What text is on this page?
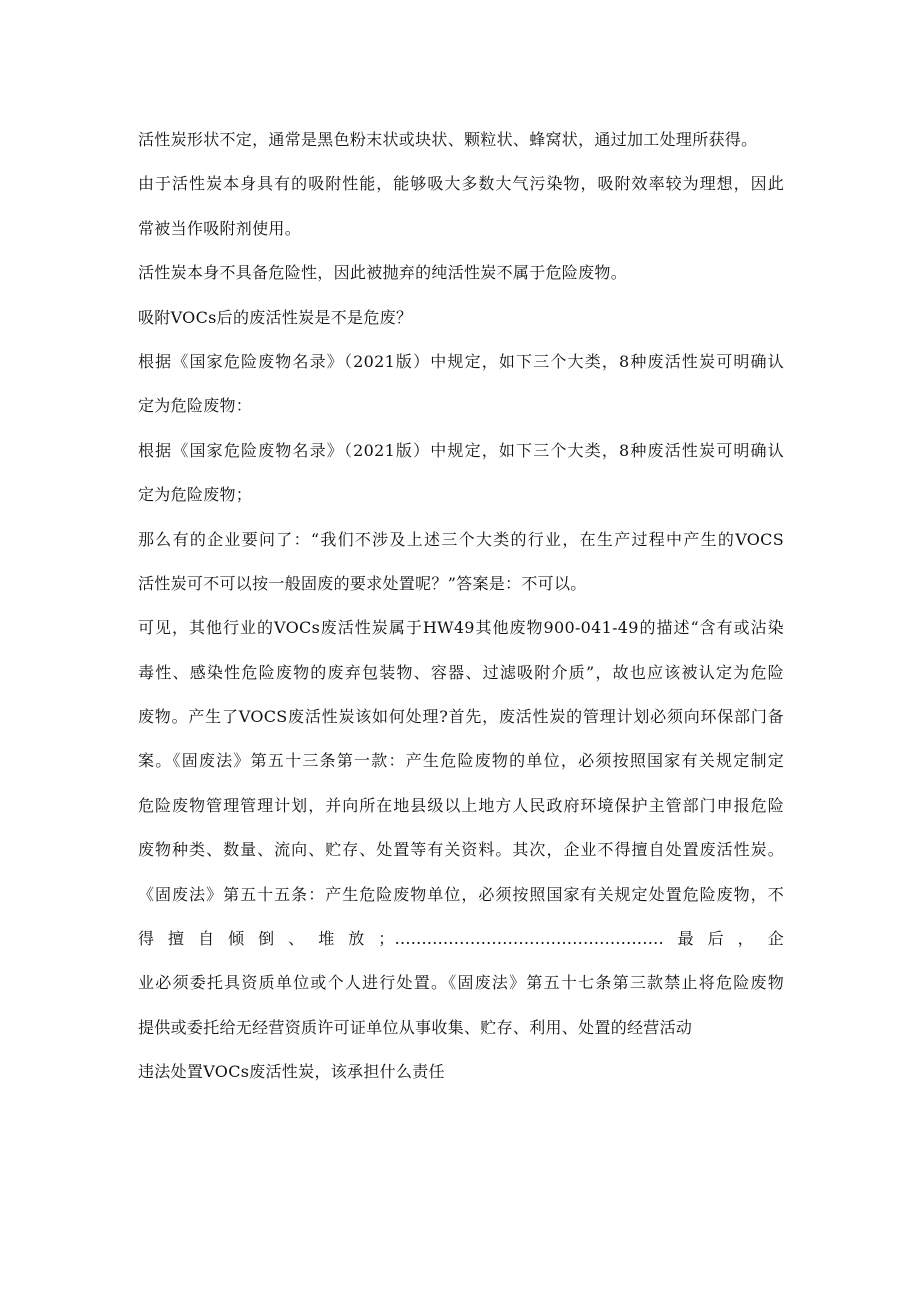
活性炭形状不定，通常是黑色粉末状或块状、颗粒状、蜂窝状，通过加工处理所获得。
由于活性炭本身具有的吸附性能，能够吸大多数大气污染物，吸附效率较为理想，因此
常被当作吸附剂使用。
活性炭本身不具备危险性，因此被抛弃的纯活性炭不属于危险废物。
吸附VOCs后的废活性炭是不是危废？
根据《国家危险废物名录》（2021版）中规定，如下三个大类，8种废活性炭可明确认
定为危险废物：
根据《国家危险废物名录》（2021版）中规定，如下三个大类，8种废活性炭可明确认
定为危险废物；
那么有的企业要问了：“我们不涉及上述三个大类的行业，在生产过程中产生的VOCS
活性炭可不可以按一般固废的要求处置呢？”答案是：不可以。
可见，其他行业的VOCs废活性炭属于HW49其他废物900-041-49的描述“含有或沾染
毒性、感染性危险废物的废弃包装物、容器、过滤吸附介质”，故也应该被认定为危险
废物。产生了VOCS废活性炭该如何处理?首先，废活性炭的管理计划必须向环保部门备
案。《固废法》第五十三条第一款：产生危险废物的单位，必须按照国家有关规定制定
危险废物管理管理计划，并向所在地县级以上地方人民政府环境保护主管部门申报危险
废物种类、数量、流向、贮存、处置等有关资料。其次，企业不得擅自处置废活性炭。
《固废法》第五十五条：产生危险废物单位，必须按照国家有关规定处置危险废物，不
得擅自倾倒、堆放；..................................................最后，企
业必须委托具资质单位或个人进行处置。《固废法》第五十七条第三款禁止将危险废物
提供或委托给无经营资质许可证单位从事收集、贮存、利用、处置的经营活动
违法处置VOCs废活性炭，该承担什么责任
